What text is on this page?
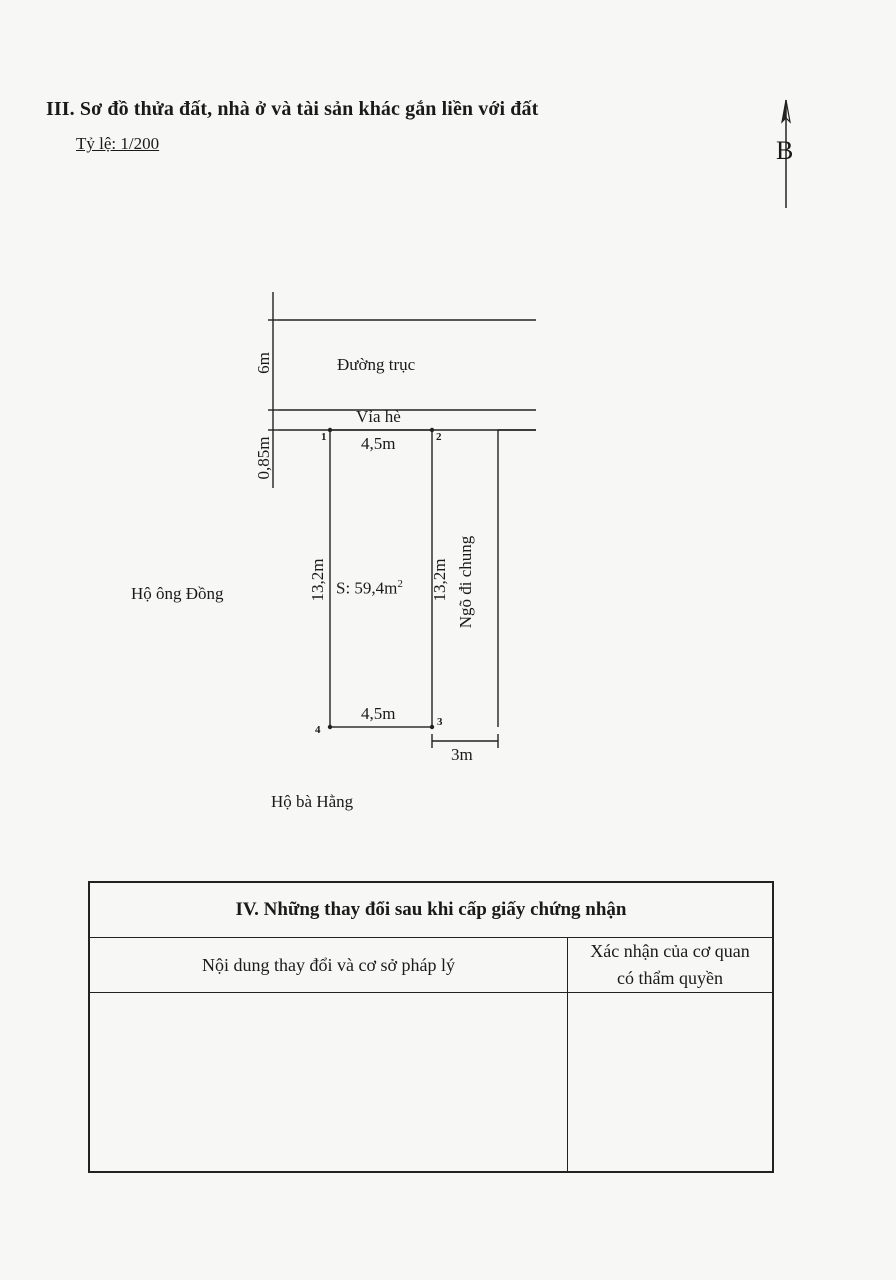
III. Sơ đồ thửa đất, nhà ở và tài sản khác gắn liền với đất
Tỷ lệ: 1/200	B
Đường trục
6m
Vỉa hè
0,85m	1	2
3
4
4,5m
4,5m
13,2m	13,2m
S: $59,4m^2$	Ngõ đi chung
3m
Hộ ông Đồng
Hộ bà Hằng
IV. Những thay đổi sau khi cấp giấy chứng nhận
Nội dung thay đổi và cơ sở pháp lý
Xác nhận của cơ quan
có thẩm quyền
